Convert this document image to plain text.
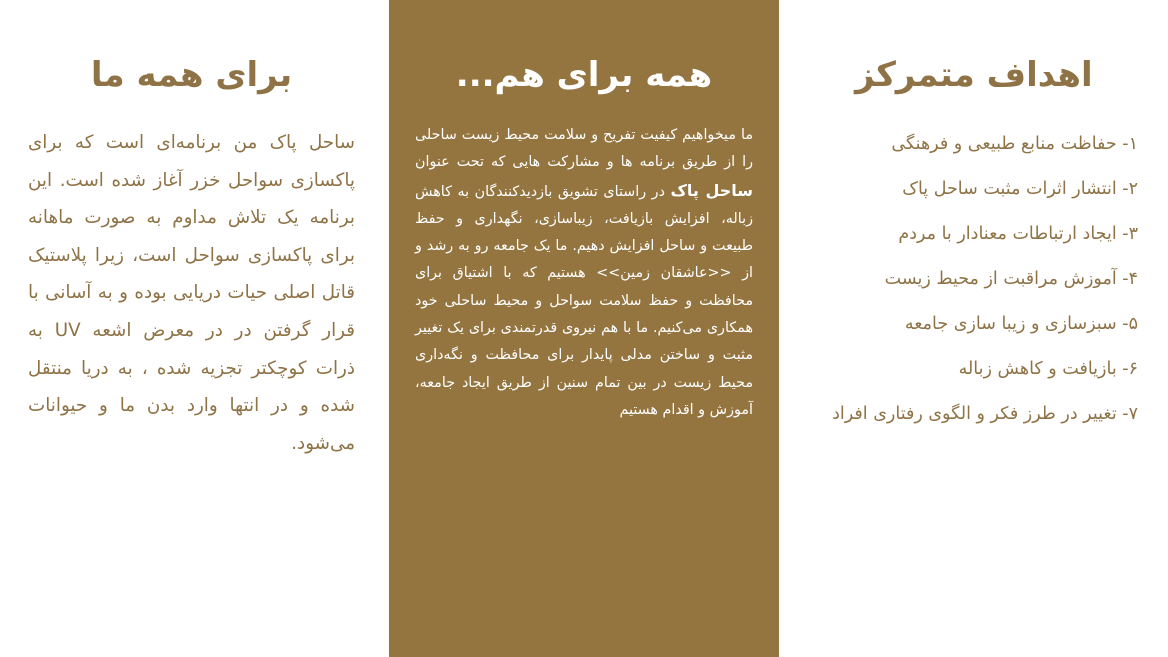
اهداف متمرکز
۱- حفاظت منابع طبیعی و فرهنگی
۲- انتشار اثرات مثبت ساحل پاک
۳- ایجاد ارتباطات معنادار با مردم
۴- آموزش مراقبت از محیط زیست
۵- سبزسازی و زیبا سازی جامعه
۶- بازیافت و کاهش زباله
۷- تغییر در طرز فکر و الگوی رفتاری افراد
همه برای هم...

ما میخواهیم کیفیت تفریح و سلامت محیط زیست ساحلی را از طریق برنامه ها و مشارکت هایی که تحت عنوان ساحل پاک در راستای تشویق بازدیدکنندگان به کاهش زباله، افزایش بازیافت، زیباسازی، نگهداری و حفظ طبیعت و ساحل افزایش دهیم. ما یک جامعه رو به رشد و از <<عاشقان زمین>> هستیم که با اشتیاق برای محافظت و حفظ سلامت سواحل و محیط ساحلی خود همکاری می‌کنیم. ما با هم نیروی قدرتمندی برای یک تغییر مثبت و ساختن مدلی پایدار برای محافظت و نگه‌داری محیط زیست در بین تمام سنین از طریق ایجاد جامعه، آموزش و اقدام هستیم

برای همه ما

ساحل پاک من برنامه‌ای است که برای پاکسازی سواحل خزر آغاز شده است. این برنامه یک تلاش مداوم به صورت ماهانه برای پاکسازی سواحل است، زیرا پلاستیک قاتل اصلی حیات دریایی بوده و به آسانی با قرار گرفتن در در معرض اشعه UV به ذرات کوچکتر تجزیه شده ، به دریا منتقل شده و در انتها وارد بدن ما و حیوانات می‌شود.
